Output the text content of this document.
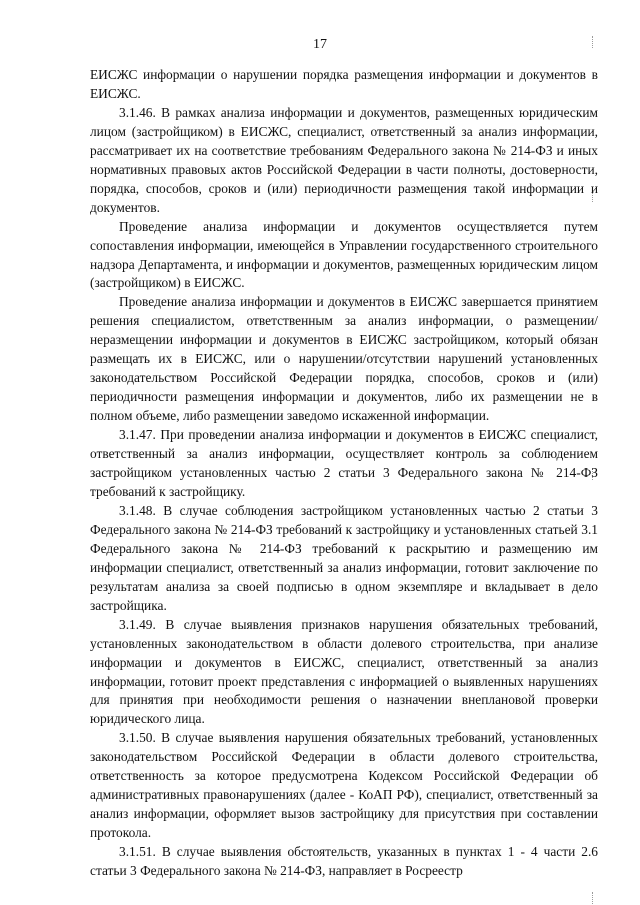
17

ЕИСЖС информации о нарушении порядка размещения информации и документов в ЕИСЖС.

3.1.46. В рамках анализа информации и документов, размещенных юридическим лицом (застройщиком) в ЕИСЖС, специалист, ответственный за анализ информации, рассматривает их на соответствие требованиям Федерального закона № 214-ФЗ и иных нормативных правовых актов Российской Федерации в части полноты, достоверности, порядка, способов, сроков и (или) периодичности размещения такой информации и документов.

Проведение анализа информации и документов осуществляется путем сопоставления информации, имеющейся в Управлении государственного строительного надзора Департамента, и информации и документов, размещенных юридическим лицом (застройщиком) в ЕИСЖС.

Проведение анализа информации и документов в ЕИСЖС завершается принятием решения специалистом, ответственным за анализ информации, о размещении/неразмещении информации и документов в ЕИСЖС застройщиком, который обязан размещать их в ЕИСЖС, или о нарушении/отсутствии нарушений установленных законодательством Российской Федерации порядка, способов, сроков и (или) периодичности размещения информации и документов, либо их размещении не в полном объеме, либо размещении заведомо искаженной информации.

3.1.47. При проведении анализа информации и документов в ЕИСЖС специалист, ответственный за анализ информации, осуществляет контроль за соблюдением застройщиком установленных частью 2 статьи 3 Федерального закона № 214-ФЗ требований к застройщику.

3.1.48. В случае соблюдения застройщиком установленных частью 2 статьи 3 Федерального закона № 214-ФЗ требований к застройщику и установленных статьей 3.1 Федерального закона № 214-ФЗ требований к раскрытию и размещению им информации специалист, ответственный за анализ информации, готовит заключение по результатам анализа за своей подписью в одном экземпляре и вкладывает в дело застройщика.

3.1.49. В случае выявления признаков нарушения обязательных требований, установленных законодательством в области долевого строительства, при анализе информации и документов в ЕИСЖС, специалист, ответственный за анализ информации, готовит проект представления с информацией о выявленных нарушениях для принятия при необходимости решения о назначении внеплановой проверки юридического лица.

3.1.50. В случае выявления нарушения обязательных требований, установленных законодательством Российской Федерации в области долевого строительства, ответственность за которое предусмотрена Кодексом Российской Федерации об административных правонарушениях (далее - КоАП РФ), специалист, ответственный за анализ информации, оформляет вызов застройщику для присутствия при составлении протокола.

3.1.51. В случае выявления обстоятельств, указанных в пунктах 1 - 4 части 2.6 статьи 3 Федерального закона № 214-ФЗ, направляет в Росреестр
